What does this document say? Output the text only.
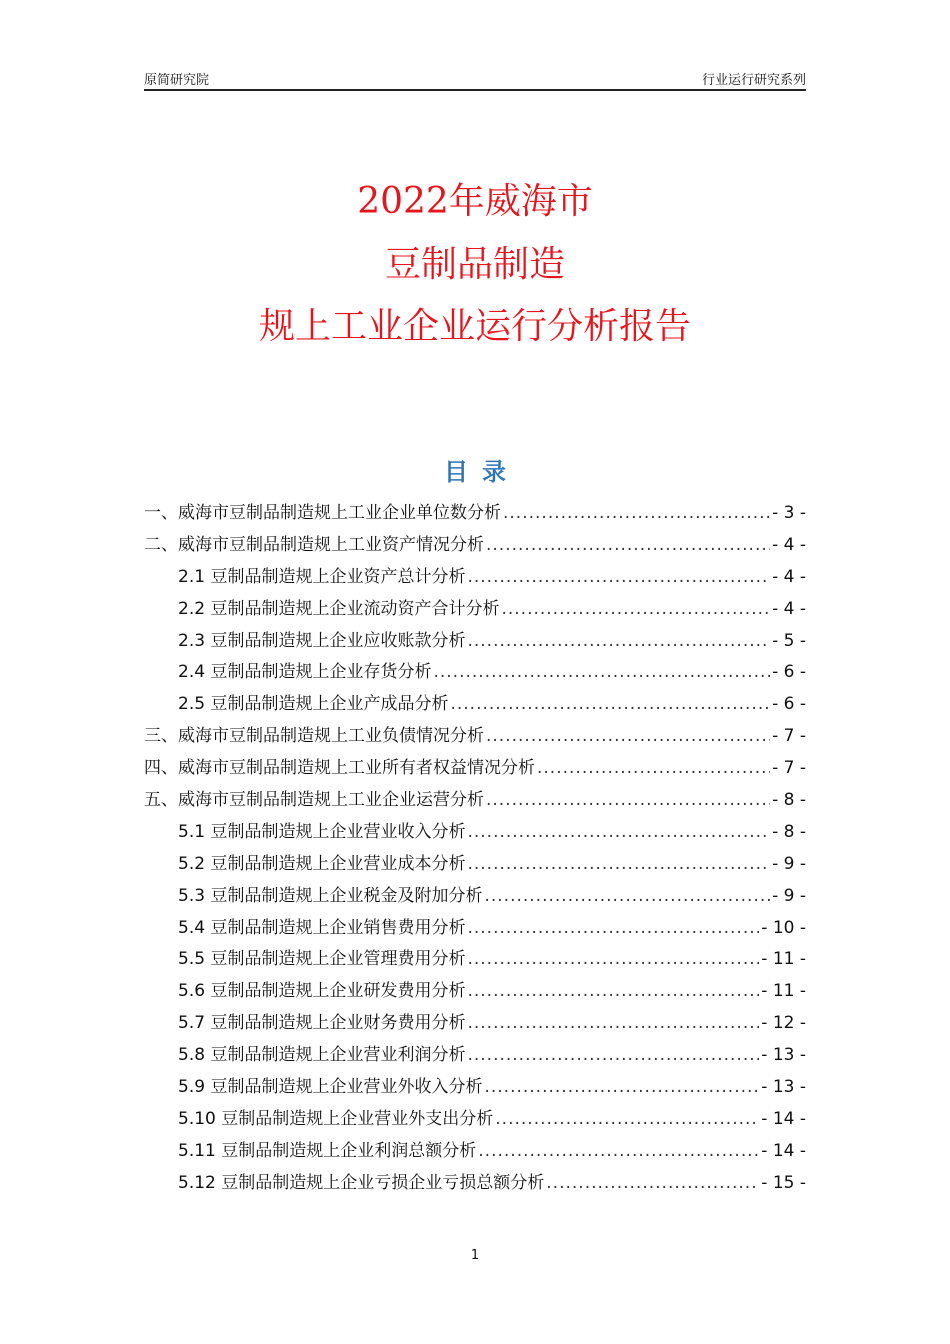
原简研究院	行业运行研究系列
2022年威海市
豆制品制造
规上工业企业运行分析报告
目录
一、威海市豆制品制造规上工业企业单位数分析 .....	- 3 -
二、威海市豆制品制造规上工业资产情况分析 .....	- 4 -
2.1 豆制品制造规上企业资产总计分析 .....	- 4 -
2.2 豆制品制造规上企业流动资产合计分析 .....	- 4 -
2.3 豆制品制造规上企业应收账款分析 .....	- 5 -
2.4 豆制品制造规上企业存货分析 .....	- 6 -
2.5 豆制品制造规上企业产成品分析 .....	- 6 -
三、威海市豆制品制造规上工业负债情况分析 .....	- 7 -
四、威海市豆制品制造规上工业所有者权益情况分析 .....	- 7 -
五、威海市豆制品制造规上工业企业运营分析 .....	- 8 -
5.1 豆制品制造规上企业营业收入分析 .....	- 8 -
5.2 豆制品制造规上企业营业成本分析 .....	- 9 -
5.3 豆制品制造规上企业税金及附加分析 .....	- 9 -
5.4 豆制品制造规上企业销售费用分析 .....	- 10 -
5.5 豆制品制造规上企业管理费用分析 .....	- 11 -
5.6 豆制品制造规上企业研发费用分析 .....	- 11 -
5.7 豆制品制造规上企业财务费用分析 .....	- 12 -
5.8 豆制品制造规上企业营业利润分析 .....	- 13 -
5.9 豆制品制造规上企业营业外收入分析 .....	- 13 -
5.10 豆制品制造规上企业营业外支出分析 .....	- 14 -
5.11 豆制品制造规上企业利润总额分析 .....	- 14 -
5.12 豆制品制造规上企业亏损企业亏损总额分析 .....	- 15 -
1
